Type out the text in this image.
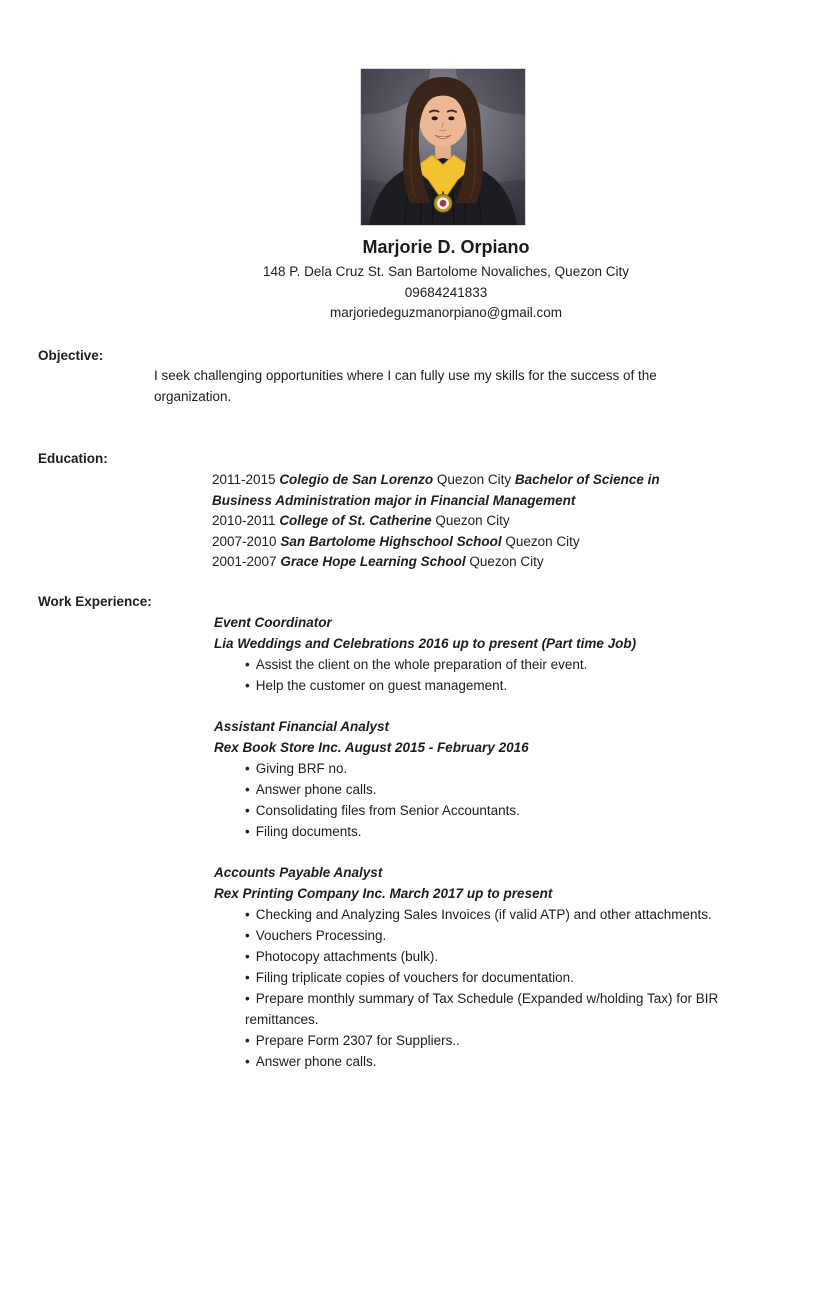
Marjorie D. Orpiano
148 P. Dela Cruz St. San Bartolome Novaliches, Quezon City
09684241833
marjoriedeguzmanorpiano@gmail.com
Objective:
I seek challenging opportunities where I can fully use my skills for the success of the organization.
Education:

2011-2015 Colegio de San Lorenzo Quezon City Bachelor of Science in Business Administration major in Financial Management

2010-2011 College of St. Catherine Quezon City

2007-2010 San Bartolome Highschool School Quezon City

2001-2007 Grace Hope Learning School Quezon City

Work Experience:
Event Coordinator
Lia Weddings and Celebrations 2016 up to present (Part time Job)
• Assist the client on the whole preparation of their event.
• Help the customer on guest management.
Assistant Financial Analyst
Rex Book Store Inc. August 2015 - February 2016
• Giving BRF no.
• Answer phone calls.
• Consolidating files from Senior Accountants.
• Filing documents.
Accounts Payable Analyst
Rex Printing Company Inc. March 2017 up to present
• Checking and Analyzing Sales Invoices (if valid ATP) and other attachments.
• Vouchers Processing.
• Photocopy attachments (bulk).
• Filing triplicate copies of vouchers for documentation.
• Prepare monthly summary of Tax Schedule (Expanded w/holding Tax) for BIR remittances.
• Prepare Form 2307 for Suppliers..
• Answer phone calls.
